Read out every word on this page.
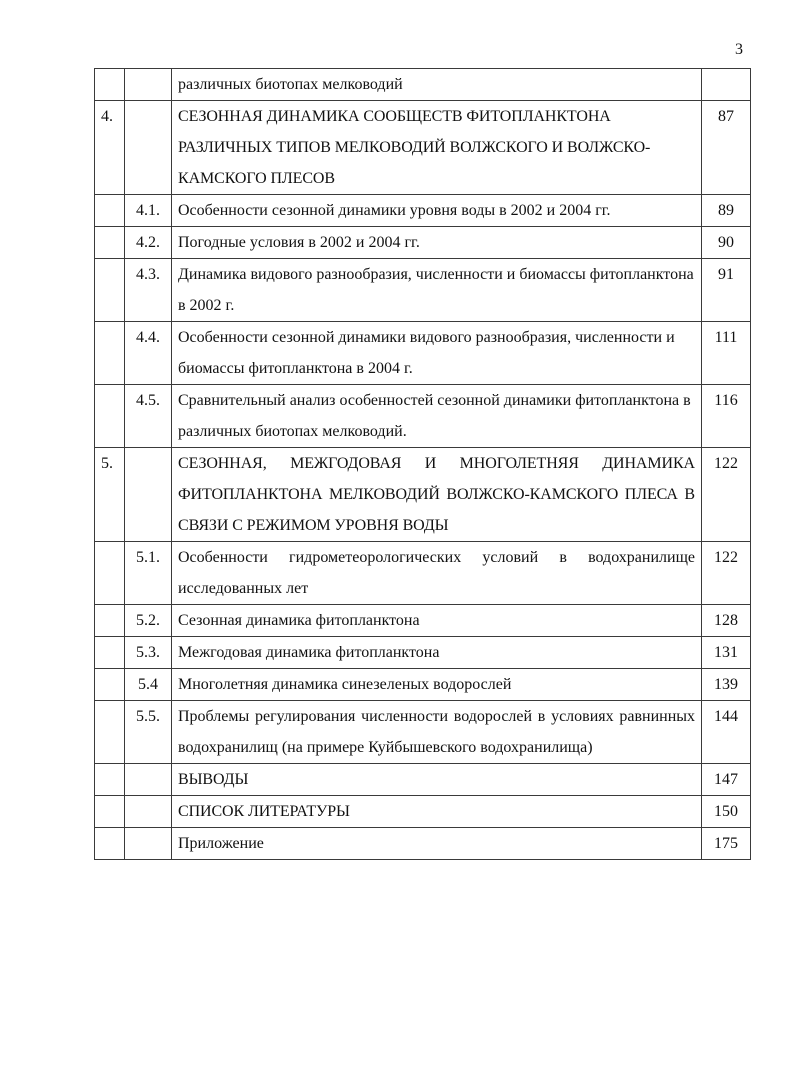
3
		различных биотопах мелководий	
4.		СЕЗОННАЯ ДИНАМИКА СООБЩЕСТВ ФИТОПЛАНКТОНА РАЗЛИЧНЫХ ТИПОВ МЕЛКОВОДИЙ ВОЛЖСКОГО И ВОЛЖСКО-КАМСКОГО ПЛЕСОВ	87
	4.1.	Особенности сезонной динамики уровня воды в 2002 и 2004 гг.	89
	4.2.	Погодные условия в 2002 и 2004 гг.	90
	4.3.	Динамика видового разнообразия, численности и биомассы фитопланктона в 2002 г.	91
	4.4.	Особенности сезонной динамики видового разнообразия, численности и биомассы фитопланктона в 2004 г.	111
	4.5.	Сравнительный анализ особенностей сезонной динамики фитопланктона в различных биотопах мелководий.	116
5.		СЕЗОННАЯ, МЕЖГОДОВАЯ И МНОГОЛЕТНЯЯ ДИНАМИКА ФИТОПЛАНКТОНА МЕЛКОВОДИЙ ВОЛЖСКО-КАМСКОГО ПЛЕСА В СВЯЗИ С РЕЖИМОМ УРОВНЯ ВОДЫ	122
	5.1.	Особенности гидрометеорологических условий в водохранилище исследованных лет	122
	5.2.	Сезонная динамика фитопланктона	128
	5.3.	Межгодовая динамика фитопланктона	131
	5.4	Многолетняя динамика синезеленых водорослей	139
	5.5.	Проблемы регулирования численности водорослей в условиях равнинных водохранилищ (на примере Куйбышевского водохранилища)	144
		ВЫВОДЫ	147
		СПИСОК ЛИТЕРАТУРЫ	150
		Приложение	175
